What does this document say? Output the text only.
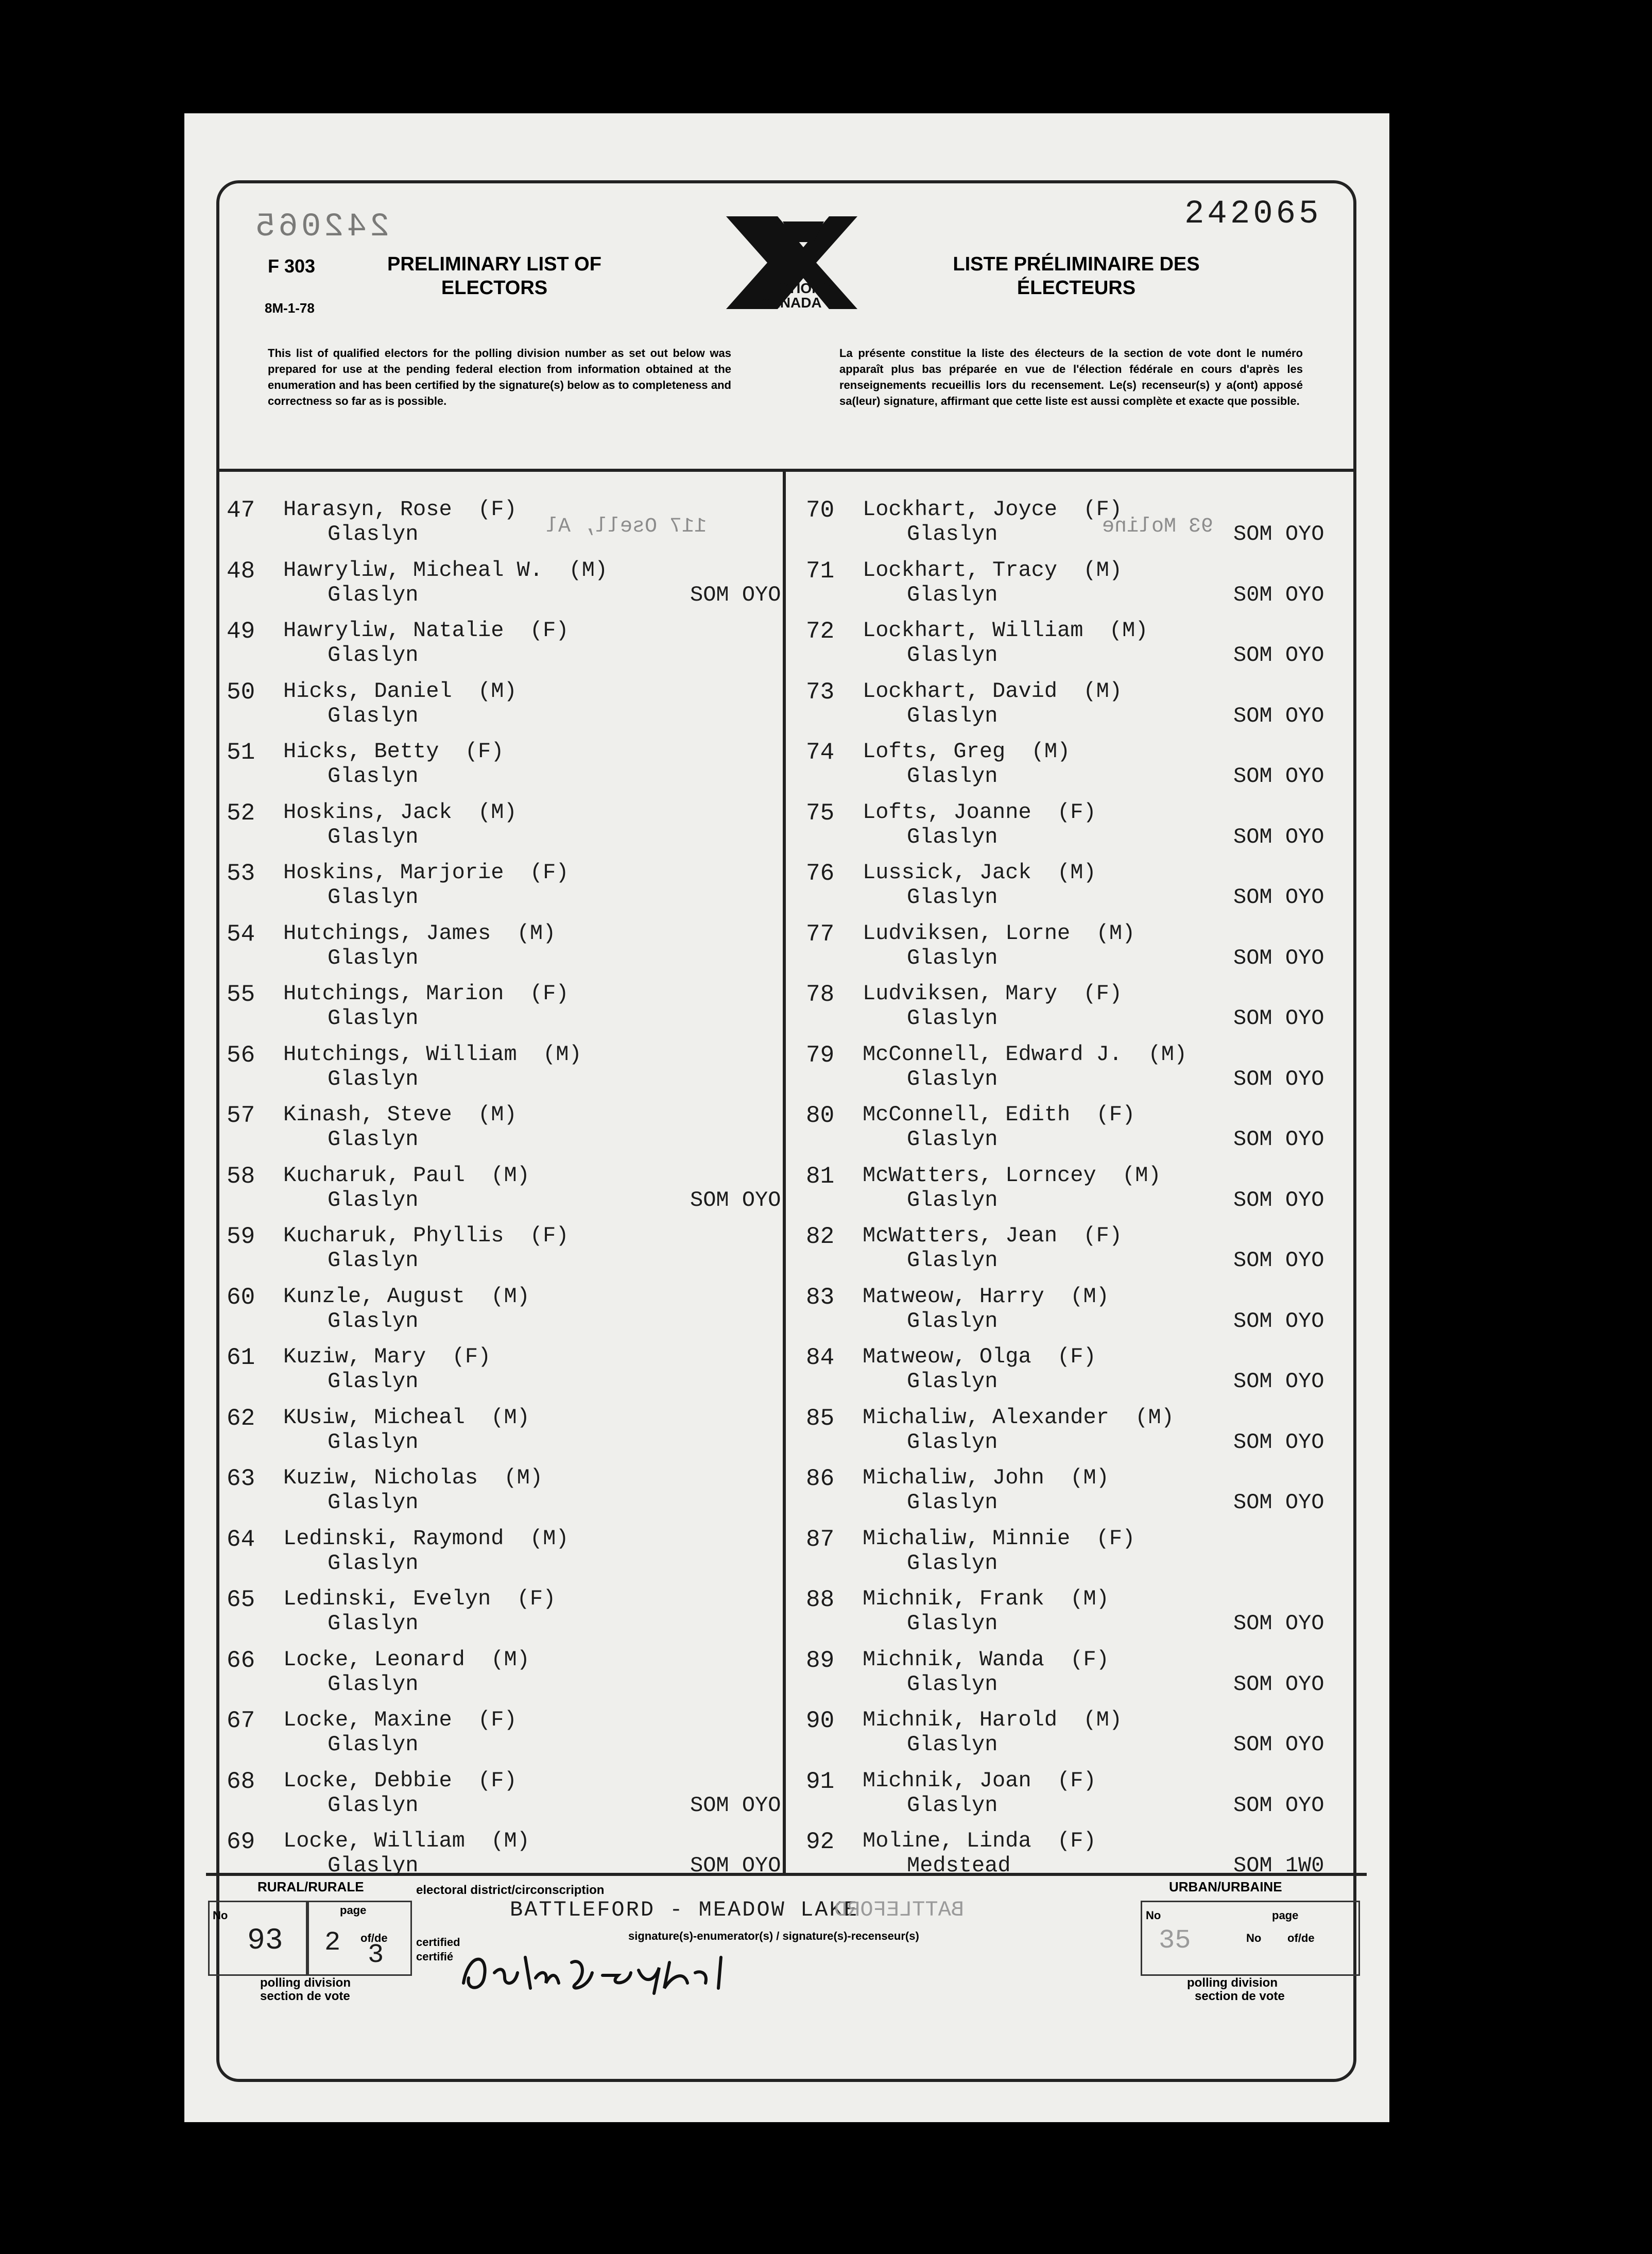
242065
242065
F 303
8M-1-78
PRELIMINARY LIST OF ELECTORS
LISTE PRÉLIMINAIRE DES ÉLECTEURS
ELECTIONS CANADA
This list of qualified electors for the polling division number as set out below was prepared for use at the pending federal election from information obtained at the enumeration and has been certified by the signature(s) below as to completeness and correctness so far as is possible.
La présente constitue la liste des électeurs de la section de vote dont le numéro apparaît plus bas préparée en vue de l'élection fédérale en cours d'après les renseignements recueillis lors du recensement. Le(s) recenseur(s) y a(ont) apposé sa(leur) signature, affirmant que cette liste est aussi complète et exacte que possible.
47 Harasyn, Rose  (F)
Glaslyn
48 Hawryliw, Micheal W.  (M)
Glaslyn	SOM OYO
49 Hawryliw, Natalie  (F)
Glaslyn
50 Hicks, Daniel  (M)
Glaslyn
51 Hicks, Betty  (F)
Glaslyn
52 Hoskins, Jack  (M)
Glaslyn
53 Hoskins, Marjorie  (F)
Glaslyn
54 Hutchings, James  (M)
Glaslyn
55 Hutchings, Marion  (F)
Glaslyn
56 Hutchings, William  (M)
Glaslyn
57 Kinash, Steve  (M)
Glaslyn
58 Kucharuk, Paul  (M)
Glaslyn	SOM OYO
59 Kucharuk, Phyllis  (F)
Glaslyn
60 Kunzle, August  (M)
Glaslyn
61 Kuziw, Mary  (F)
Glaslyn
62 KUsiw, Micheal  (M)
Glaslyn
63 Kuziw, Nicholas  (M)
Glaslyn
64 Ledinski, Raymond  (M)
Glaslyn
65 Ledinski, Evelyn  (F)
Glaslyn
66 Locke, Leonard  (M)
Glaslyn
67 Locke, Maxine  (F)
Glaslyn
68 Locke, Debbie  (F)
Glaslyn	SOM OYO
69 Locke, William  (M)
Glaslyn	SOM OYO
70 Lockhart, Joyce  (F)
Glaslyn	SOM OYO
71 Lockhart, Tracy  (M)
Glaslyn	S0M OYO
72 Lockhart, William  (M)
Glaslyn	SOM OYO
73 Lockhart, David  (M)
Glaslyn	SOM OYO
74 Lofts, Greg  (M)
Glaslyn	SOM OYO
75 Lofts, Joanne  (F)
Glaslyn	SOM OYO
76 Lussick, Jack  (M)
Glaslyn	SOM OYO
77 Ludviksen, Lorne  (M)
Glaslyn	SOM OYO
78 Ludviksen, Mary  (F)
Glaslyn	SOM OYO
79 McConnell, Edward J.  (M)
Glaslyn	SOM OYO
80 McConnell, Edith  (F)
Glaslyn	SOM OYO
81 McWatters, Lorncey  (M)
Glaslyn	SOM OYO
82 McWatters, Jean  (F)
Glaslyn	SOM OYO
83 Matweow, Harry  (M)
Glaslyn	SOM OYO
84 Matweow, Olga  (F)
Glaslyn	SOM OYO
85 Michaliw, Alexander  (M)
Glaslyn	SOM OYO
86 Michaliw, John  (M)
Glaslyn	SOM OYO
87 Michaliw, Minnie  (F)
Glaslyn
88 Michnik, Frank  (M)
Glaslyn	SOM OYO
89 Michnik, Wanda  (F)
Glaslyn	SOM OYO
90 Michnik, Harold  (M)
Glaslyn	SOM OYO
91 Michnik, Joan  (F)
Glaslyn	SOM OYO
92 Moline, Linda  (F)
Medstead	SOM 1W0
117 Osell, Al	93 Moline
RURAL/RURALE	URBAN/URBAINE
electoral district/circonscription
BATTLEFORD - MEADOW LAKE
BATTLEFORD
signature(s)-enumerator(s) / signature(s)-recenseur(s)
certified
certifié
polling division
section de vote
polling division
section de vote
No
93
page
2 of/de
3
No	page
No of/de
35
